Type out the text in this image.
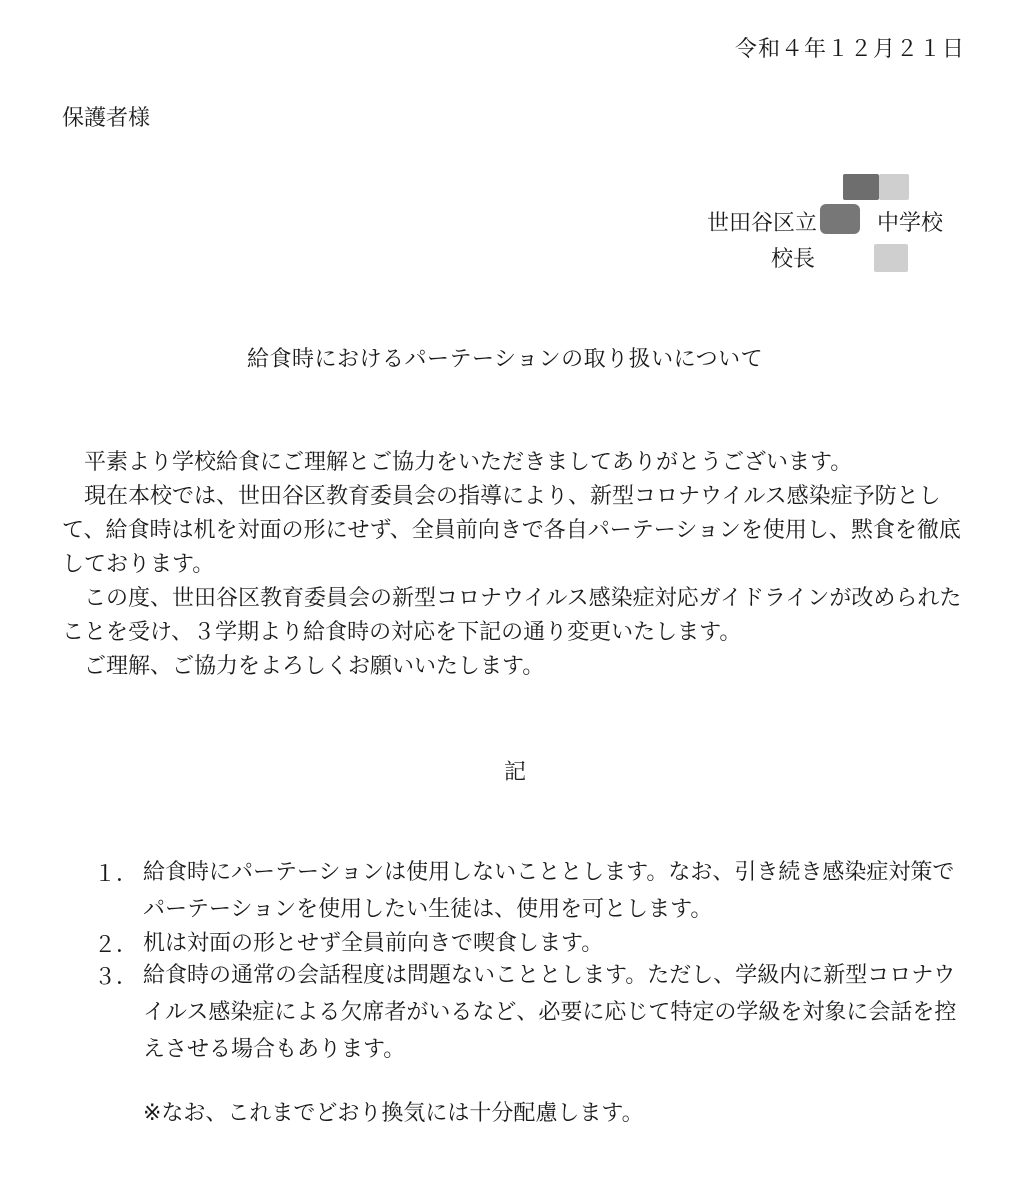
令和４年１２月２１日
保護者様
世田谷区立	中学校
校長
給食時におけるパーテーションの取り扱いについて
　平素より学校給食にご理解とご協力をいただきましてありがとうございます。
　現在本校では、世田谷区教育委員会の指導により、新型コロナウイルス感染症予防として、給食時は机を対面の形にせず、全員前向きで各自パーテーションを使用し、黙食を徹底しております。
　この度、世田谷区教育委員会の新型コロナウイルス感染症対応ガイドラインが改められたことを受け、３学期より給食時の対応を下記の通り変更いたします。
　ご理解、ご協力をよろしくお願いいたします。
記
１． 給食時にパーテーションは使用しないこととします。なお、引き続き感染症対策でパーテーションを使用したい生徒は、使用を可とします。
２． 机は対面の形とせず全員前向きで喫食します。
３． 給食時の通常の会話程度は問題ないこととします。ただし、学級内に新型コロナウイルス感染症による欠席者がいるなど、必要に応じて特定の学級を対象に会話を控えさせる場合もあります。
※なお、これまでどおり換気には十分配慮します。
